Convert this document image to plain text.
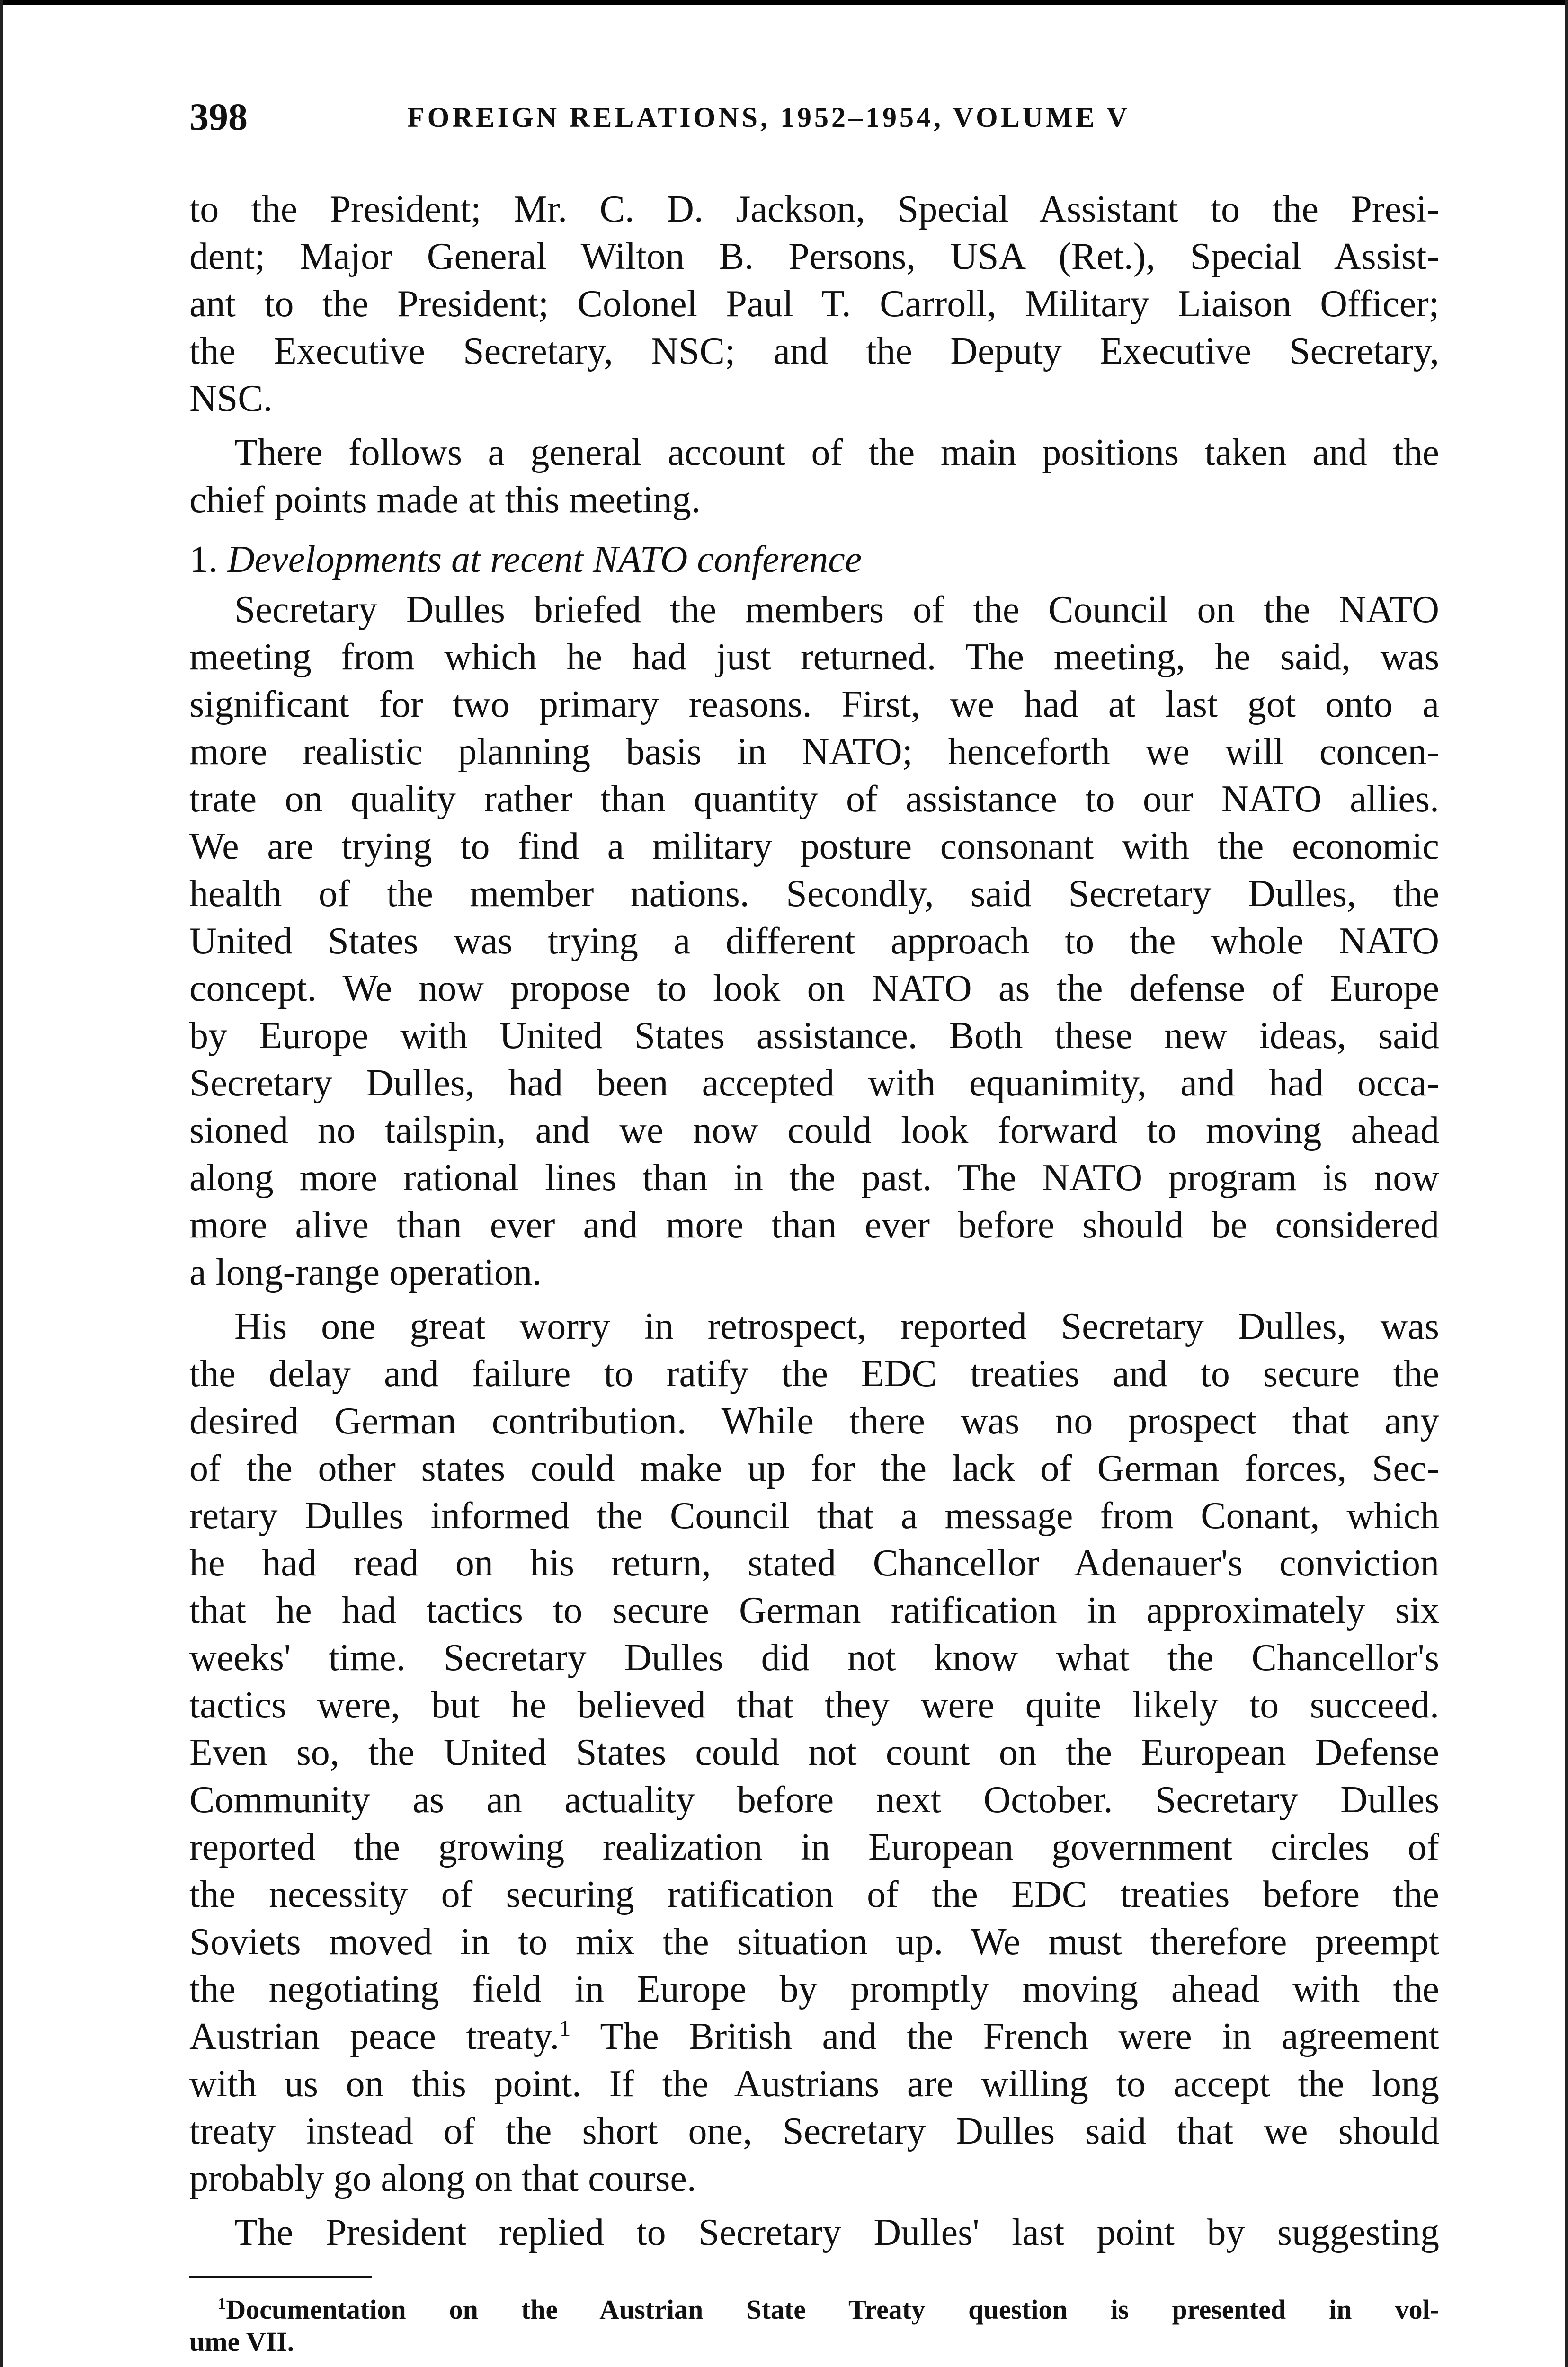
398	FOREIGN RELATIONS, 1952–1954, VOLUME V
to the President; Mr. C. D. Jackson, Special Assistant to the Presi-
dent; Major General Wilton B. Persons, USA (Ret.), Special Assist-
ant to the President; Colonel Paul T. Carroll, Military Liaison Officer;
the Executive Secretary, NSC; and the Deputy Executive Secretary,
NSC.
There follows a general account of the main positions taken and the
chief points made at this meeting.
1. Developments at recent NATO conference
Secretary Dulles briefed the members of the Council on the NATO
meeting from which he had just returned. The meeting, he said, was
significant for two primary reasons. First, we had at last got onto a
more realistic planning basis in NATO; henceforth we will concen-
trate on quality rather than quantity of assistance to our NATO allies.
We are trying to find a military posture consonant with the economic
health of the member nations. Secondly, said Secretary Dulles, the
United States was trying a different approach to the whole NATO
concept. We now propose to look on NATO as the defense of Europe
by Europe with United States assistance. Both these new ideas, said
Secretary Dulles, had been accepted with equanimity, and had occa-
sioned no tailspin, and we now could look forward to moving ahead
along more rational lines than in the past. The NATO program is now
more alive than ever and more than ever before should be considered
a long-range operation.
His one great worry in retrospect, reported Secretary Dulles, was
the delay and failure to ratify the EDC treaties and to secure the
desired German contribution. While there was no prospect that any
of the other states could make up for the lack of German forces, Sec-
retary Dulles informed the Council that a message from Conant, which
he had read on his return, stated Chancellor Adenauer's conviction
that he had tactics to secure German ratification in approximately six
weeks' time. Secretary Dulles did not know what the Chancellor's
tactics were, but he believed that they were quite likely to succeed.
Even so, the United States could not count on the European Defense
Community as an actuality before next October. Secretary Dulles
reported the growing realization in European government circles of
the necessity of securing ratification of the EDC treaties before the
Soviets moved in to mix the situation up. We must therefore preempt
the negotiating field in Europe by promptly moving ahead with the
Austrian peace treaty.$^1$ The British and the French were in agreement
with us on this point. If the Austrians are willing to accept the long
treaty instead of the short one, Secretary Dulles said that we should
probably go along on that course.
The President replied to Secretary Dulles' last point by suggesting
$^1$Documentation on the Austrian State Treaty question is presented in vol-
ume VII.
